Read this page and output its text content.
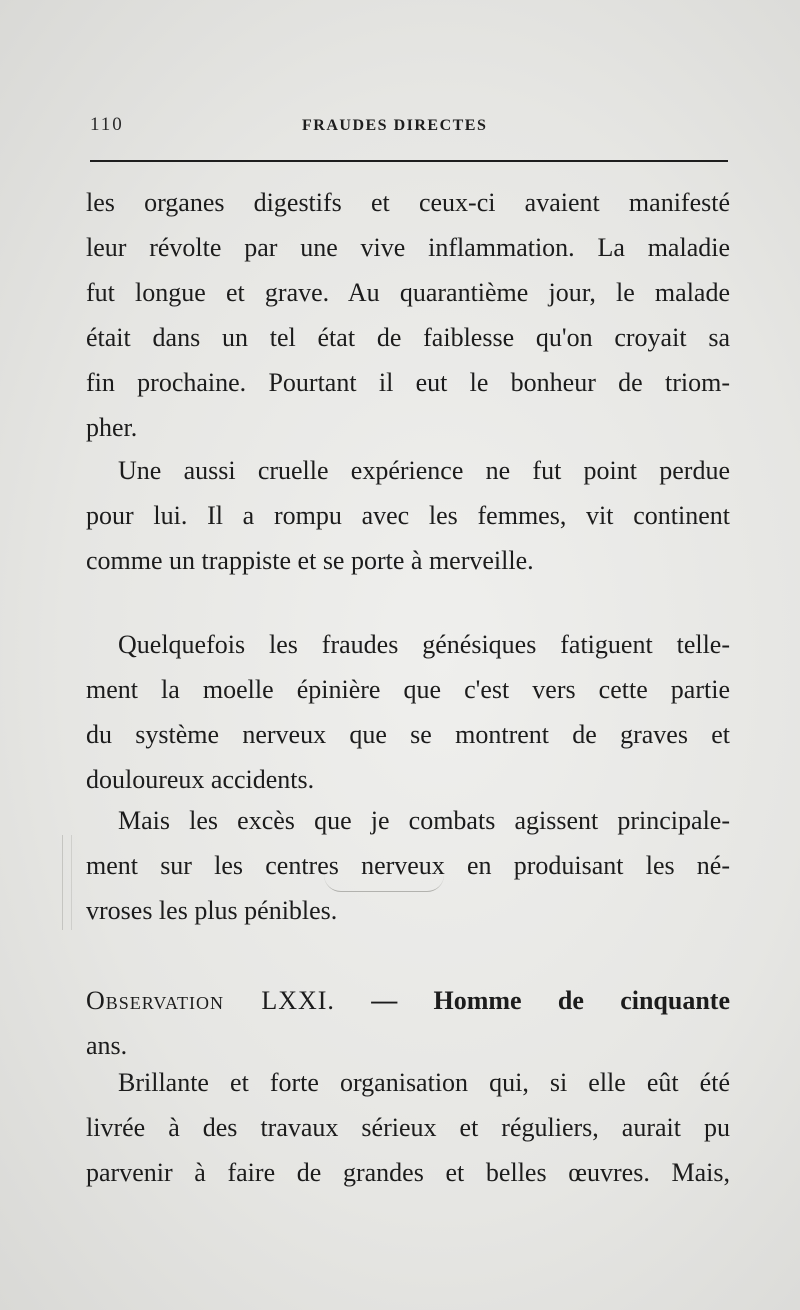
110	FRAUDES DIRECTES
les organes digestifs et ceux-ci avaient manifesté
leur révolte par une vive inflammation. La maladie
fut longue et grave. Au quarantième jour, le malade
était dans un tel état de faiblesse qu'on croyait sa
fin prochaine. Pourtant il eut le bonheur de triom-
pher.
Une aussi cruelle expérience ne fut point perdue
pour lui. Il a rompu avec les femmes, vit continent
comme un trappiste et se porte à merveille.
Quelquefois les fraudes génésiques fatiguent telle-
ment la moelle épinière que c'est vers cette partie
du système nerveux que se montrent de graves et
douloureux accidents.
Mais les excès que je combats agissent principale-
ment sur les centres nerveux en produisant les né-
vroses les plus pénibles.
Observation LXXI. — Homme de cinquante
ans.
Brillante et forte organisation qui, si elle eût été
livrée à des travaux sérieux et réguliers, aurait pu
parvenir à faire de grandes et belles œuvres. Mais,
